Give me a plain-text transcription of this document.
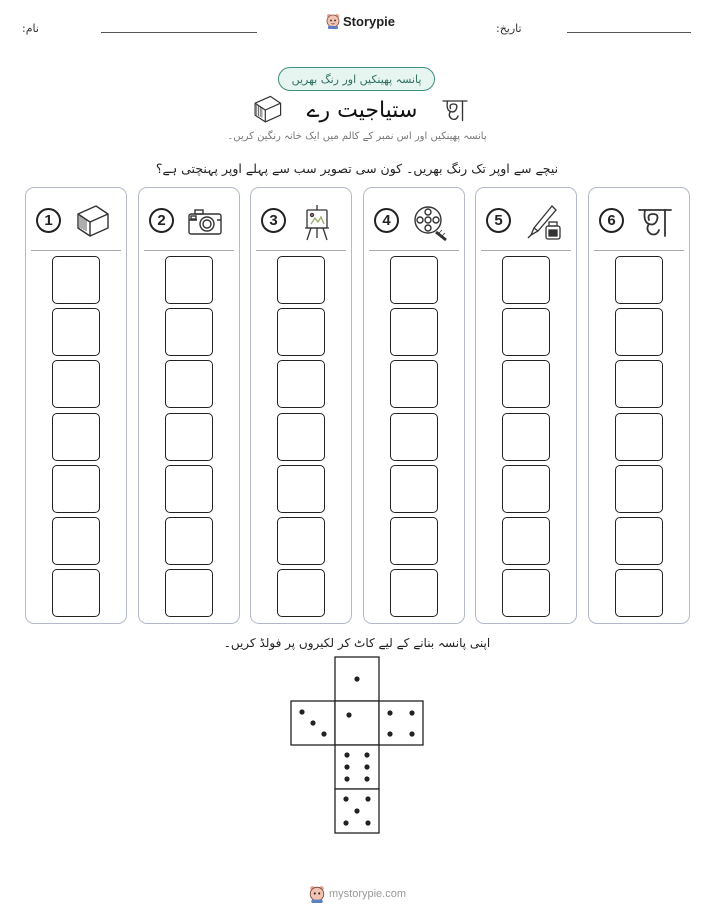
نام:	Storypie	تاریخ:
پانسہ پھینکیں اور رنگ بھریں
ستیاجیت رے
پانسہ پھینکیں اور اس نمبر کے کالم میں ایک خانہ رنگین کریں۔
نیچے سے اوپر تک رنگ بھریں۔ کون سی تصویر سب سے پہلے اوپر پہنچتی ہے؟
1	2	3	4	5	6
اپنی پانسہ بنانے کے لیے کاٹ کر لکیروں پر فولڈ کریں۔
mystorypie.com
